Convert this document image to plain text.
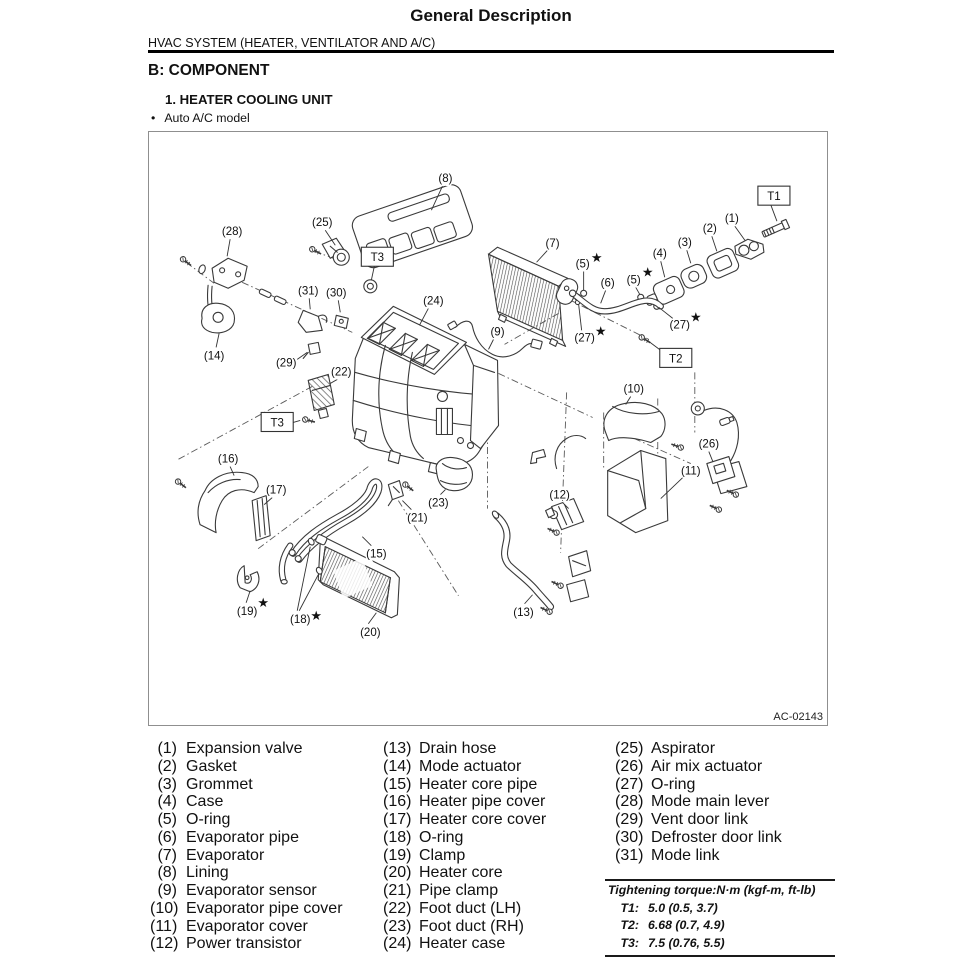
General Description
HVAC SYSTEM (HEATER, VENTILATOR AND A/C)
B: COMPONENT
1. HEATER COOLING UNIT
• Auto A/C model
(8)
(25)
(28)
(7)
(1)
(2)
(3)
(4)
(5)
(5)
(6)
(31) (30)
(24)
(9)
(27)
(27)
(14)
(29)
(22)
(10)
(16)
(26)
(11)
(17)
(23)
(21)
(12)
(15)
(13)
(19)
(18)
(20)
★
★
★
★
★
★
T1
T2
T3
T3
AC-02143
(1) Expansion valve
(2) Gasket
(3) Grommet
(4) Case
(5) O-ring
(6) Evaporator pipe
(7) Evaporator
(8) Lining
(9) Evaporator sensor
(10) Evaporator pipe cover
(11) Evaporator cover
(12) Power transistor
(13) Drain hose
(14) Mode actuator
(15) Heater core pipe
(16) Heater pipe cover
(17) Heater core cover
(18) O-ring
(19) Clamp
(20) Heater core
(21) Pipe clamp
(22) Foot duct (LH)
(23) Foot duct (RH)
(24) Heater case
(25) Aspirator
(26) Air mix actuator
(27) O-ring
(28) Mode main lever
(29) Vent door link
(30) Defroster door link
(31) Mode link
Tightening torque:N·m (kgf-m, ft-lb)
T1: 5.0 (0.5, 3.7)
T2: 6.68 (0.7, 4.9)
T3: 7.5 (0.76, 5.5)
